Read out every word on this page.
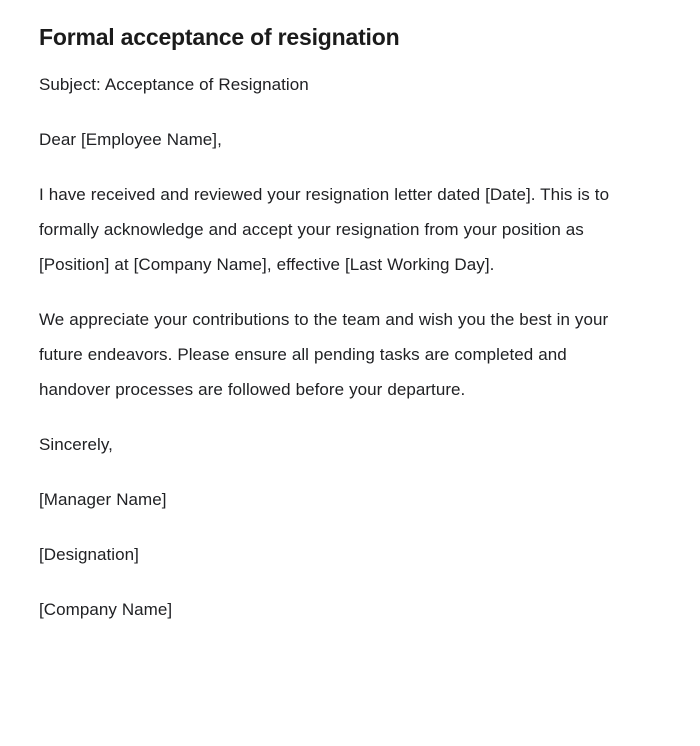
Formal acceptance of resignation

Subject: Acceptance of Resignation

Dear [Employee Name],

I have received and reviewed your resignation letter dated [Date]. This is to formally acknowledge and accept your resignation from your position as [Position] at [Company Name], effective [Last Working Day].

We appreciate your contributions to the team and wish you the best in your future endeavors. Please ensure all pending tasks are completed and handover processes are followed before your departure.

Sincerely,

[Manager Name]

[Designation]

[Company Name]
